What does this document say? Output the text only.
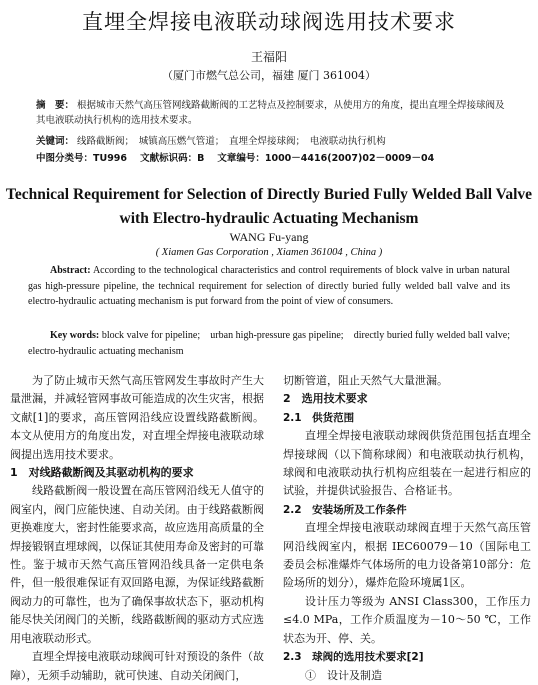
直埋全焊接电液联动球阀选用技术要求
王福阳
（厦门市燃气总公司，福建 厦门 361004）
摘　要： 根据城市天然气高压管网线路截断阀的工艺特点及控制要求，从使用方的角度，提出直埋全焊接球阀及其电液联动执行机构的选用技术要求。
关键词： 线路截断阀；　城镇高压燃气管道；　直埋全焊接球阀；　电液联动执行机构
中图分类号：TU996 文献标识码：B 文章编号：1000－4416(2007)02－0009－04
Technical Requirement for Selection of Directly Buried Fully Welded Ball Valve with Electro-hydraulic Actuating Mechanism
WANG Fu-yang
( Xiamen Gas Corporation , Xiamen 361004 , China )
Abstract: According to the technological characteristics and control requirements of block valve in urban natural gas high-pressure pipeline, the technical requirement for selection of directly buried fully welded ball valve and its electro-hydraulic actuating mechanism is put forward from the point of view of consumers.
Key words: block valve for pipeline;　urban high-pressure gas pipeline;　directly buried fully welded ball valve;　electro-hydraulic actuating mechanism

为了防止城市天然气高压管网发生事故时产生大量泄漏，并减轻管网事故可能造成的次生灾害，根据文献[1]的要求，高压管网沿线应设置线路截断阀。本文从使用方的角度出发，对直埋全焊接电液联动球阀提出选用技术要求。

1　对线路截断阀及其驱动机构的要求

线路截断阀一般设置在高压管网沿线无人值守的阀室内，阀门应能快速、自动关闭。由于线路截断阀更换难度大，密封性能要求高，故应选用高质量的全焊接锻钢直埋球阀，以保证其使用寿命及密封的可靠性。鉴于城市天然气高压管网沿线具备一定供电条件，但一般很难保证有双回路电源，为保证线路截断阀动力的可靠性，也为了确保事故状态下，驱动机构能尽快关闭阀门的关断，线路截断阀的驱动方式应选用电液联动形式。

直埋全焊接电液联动球阀可针对预设的条件（故障），无须手动辅助，就可快速、自动关闭阀门，

切断管道，阻止天然气大量泄漏。

2　选用技术要求
2.1　供货范围

直埋全焊接电液联动球阀供货范围包括直埋全焊接球阀（以下简称球阀）和电液联动执行机构，球阀和电液联动执行机构应组装在一起进行相应的试验，并提供试验报告、合格证书。

2.2　安装场所及工作条件

直埋全焊接电液联动球阀直埋于天然气高压管网沿线阀室内，根据 IEC60079－10（国际电工委员会标准爆炸气体场所的电力设备第10部分：危险场所的划分），爆炸危险环境属1区。

设计压力等级为 ANSI Class300，工作压力≤4.0 MPa，工作介质温度为－10～50 ℃，工作状态为开、停、关。

2.3　球阀的选用技术要求[2]

①　设计及制造
